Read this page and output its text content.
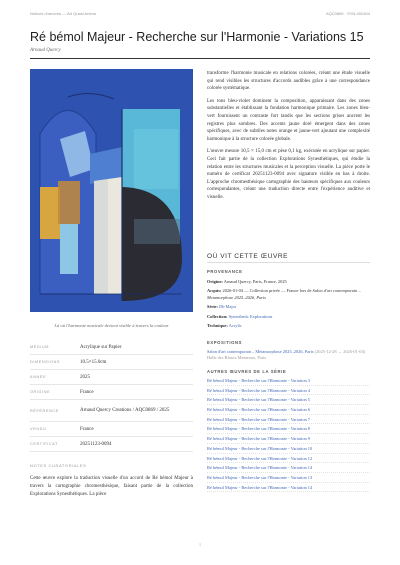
Notices d'œuvres — Art Quasi Anima	AQC0869 · SYN-000404
Ré bémol Majeur - Recherche sur l'Harmonie - Variations 15
Arnaud Quercy
Là où l'harmonie musicale devient visible à travers la couleur
MÉDIUM	Acrylique sur Papier
DIMENSIONS	10.5×15.0cm
ANNÉE	2025
ORIGINE	France
RÉFÉRENCE	Arnaud Quercy Creations / AQC0869 / 2025
VENDU	France
CERTIFICAT	20251123-0094
NOTES CURATORIALES
Cette œuvre explore la traduction visuelle d'un accord de Ré bémol Majeur à travers la cartographie chromesthésique, faisant partie de la collection Explorations Synesthétiques. La pièce

transforme l'harmonie musicale en relations colorées, créant une étude visuelle qui rend visibles les structures d'accords audibles grâce à une correspondance colorée systématique.

Les tons bleu-violet dominent la composition, apparaissant dans des zones substantielles et établissant la fondation harmonique primaire. Les zones bleu-vert fournissent un contraste fort tandis que les sections grises ancrent les registres plus sombres. Des accents jaune doré émergent dans des zones spécifiques, avec de subtiles notes orange et jaune-vert ajoutant une complexité harmonique à la structure colorée globale.

L'œuvre mesure 10,5 × 15,0 cm et pèse 0,1 kg, exécutée en acrylique sur papier. Ceci fait partie de la collection Explorations Synesthétiques, qui étudie la relation entre les structures musicales et la perception visuelle. La pièce porte le numéro de certificat 20251123-0094 avec signature visible en bas à droite. L'approche chromesthésique cartographie des hauteurs spécifiques aux couleurs correspondantes, créant une traduction directe entre l'expérience auditive et visuelle.

OÙ VIT CETTE ŒUVRE
PROVENANCE
Origine: Arnaud Quercy, Paris, France, 2025
Acquis: 2026-01-04 — Collection privée — France lors de Salon d'art contemporain – Metamorphose 2025–2026, Paris
Série: Db Major
Collection: Synesthetic Explorations
Technique: Acrylic
EXPOSITIONS
Salon d'art contemporain – Metamorphose 2025–2026, Paris (2025-12-28 → 2026-01-04) Halle des Blancs Manteaux, Paris
AUTRES ŒUVRES DE LA SÉRIE
Ré bémol Majeur - Recherche sur l'Harmonie - Variation 3
Ré bémol Majeur - Recherche sur l'Harmonie - Variation 4
Ré bémol Majeur - Recherche sur l'Harmonie - Variation 5
Ré bémol Majeur - Recherche sur l'Harmonie - Variation 6
Ré bémol Majeur - Recherche sur l'Harmonie - Variation 7
Ré bémol Majeur - Recherche sur l'Harmonie - Variation 8
Ré bémol Majeur - Recherche sur l'Harmonie - Variation 9
Ré bémol Majeur - Recherche sur l'Harmonie - Variation 10
Ré bémol Majeur - Recherche sur l'Harmonie - Variation 12
Ré bémol Majeur - Recherche sur l'Harmonie - Variation 14
Ré bémol Majeur - Recherche sur l'Harmonie - Variation 13
Ré bémol Majeur - Recherche sur l'Harmonie - Variation 14
1
